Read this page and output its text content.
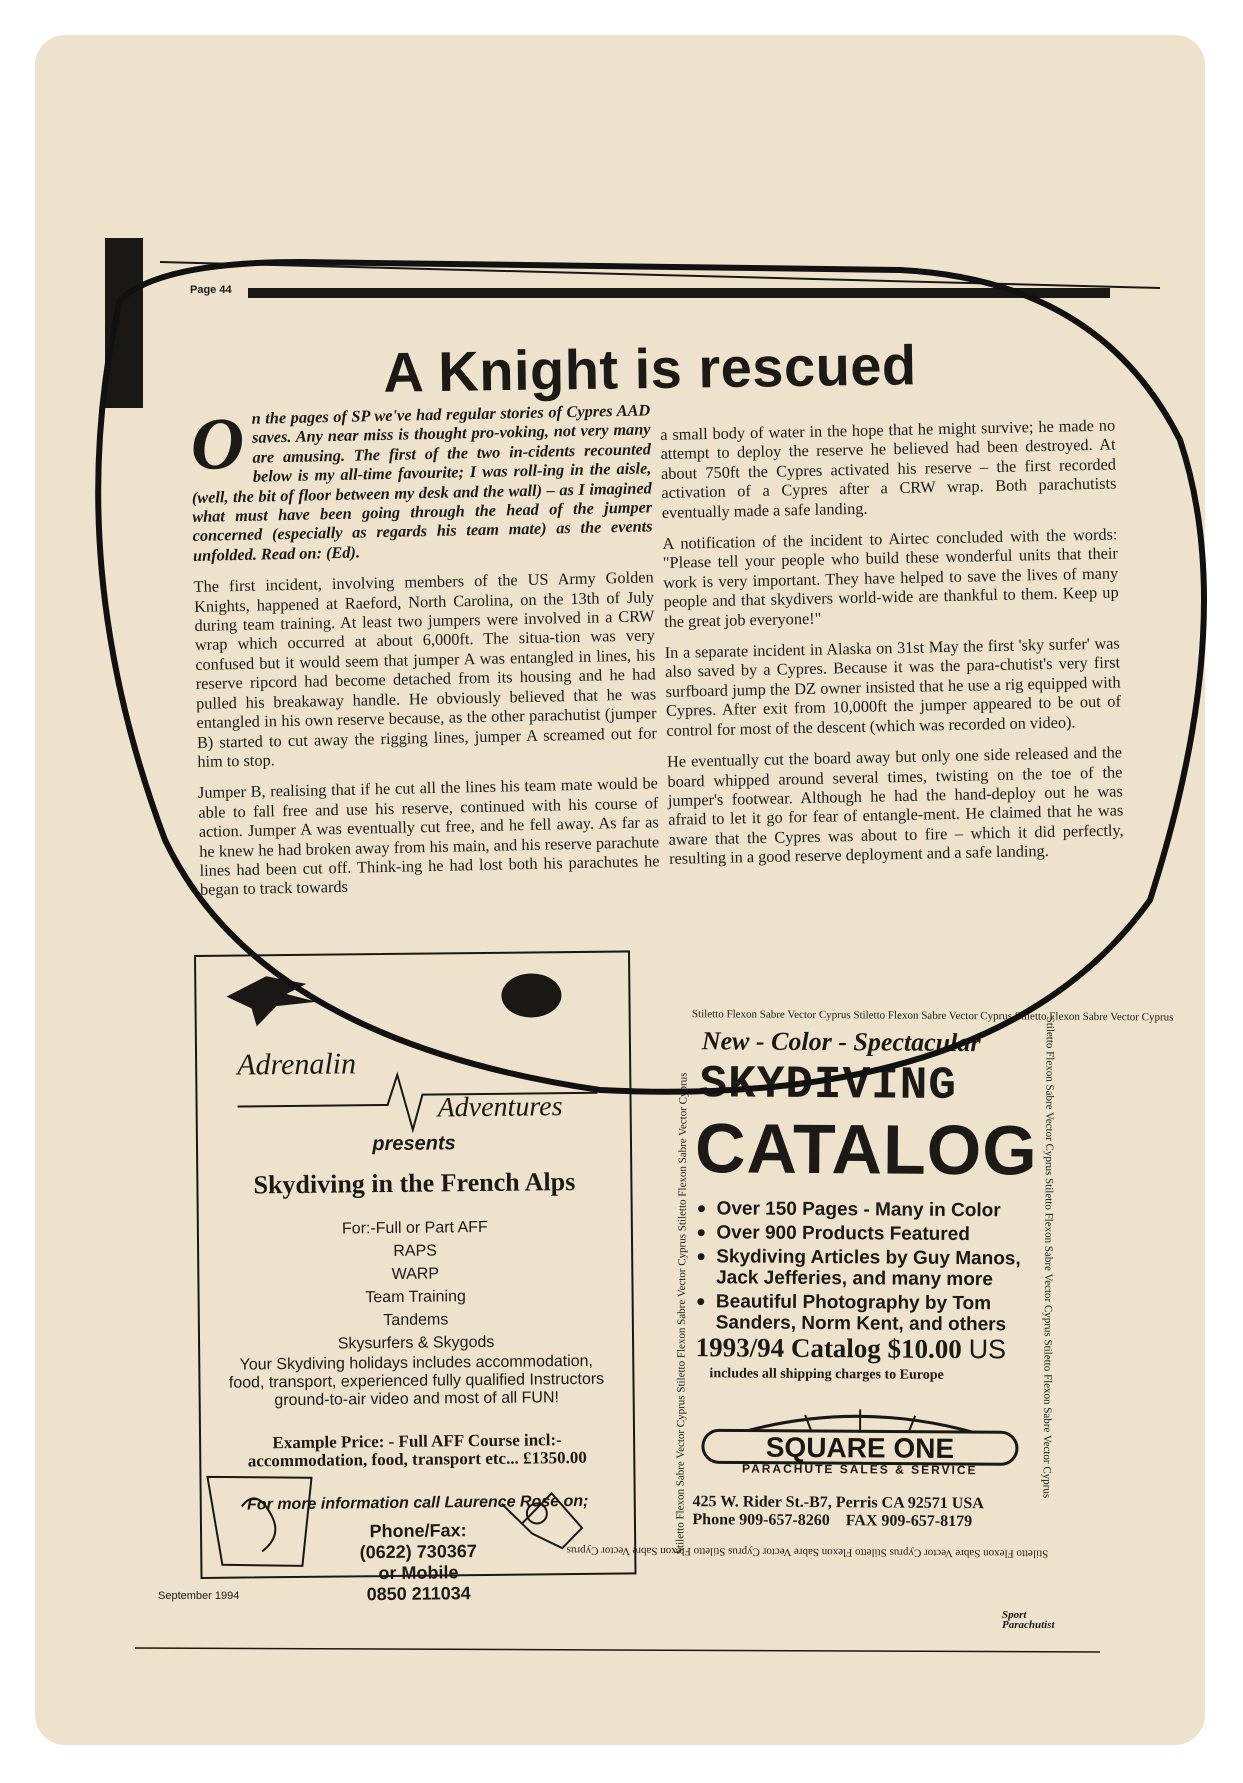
Page 44
A Knight is rescued

On the pages of SP we've had regular stories of Cypres AAD saves. Any near miss is thought pro-voking, not very many are amusing. The first of the two in-cidents recounted below is my all-time favourite; I was roll-ing in the aisle, (well, the bit of floor between my desk and the wall) – as I imagined what must have been going through the head of the jumper concerned (especially as regards his team mate) as the events unfolded. Read on: (Ed).

The first incident, involving members of the US Army Golden Knights, happened at Raeford, North Carolina, on the 13th of July during team training. At least two jumpers were involved in a CRW wrap which occurred at about 6,000ft. The situa-tion was very confused but it would seem that jumper A was entangled in lines, his reserve ripcord had become detached from its housing and he had pulled his breakaway handle. He obviously believed that he was entangled in his own reserve because, as the other parachutist (jumper B) started to cut away the rigging lines, jumper A screamed out for him to stop.

Jumper B, realising that if he cut all the lines his team mate would be able to fall free and use his reserve, continued with his course of action. Jumper A was eventually cut free, and he fell away. As far as he knew he had broken away from his main, and his reserve parachute lines had been cut off. Think-ing he had lost both his parachutes he began to track towards

a small body of water in the hope that he might survive; he made no attempt to deploy the reserve he believed had been destroyed. At about 750ft the Cypres activated his reserve – the first recorded activation of a Cypres after a CRW wrap. Both parachutists eventually made a safe landing.

A notification of the incident to Airtec concluded with the words: "Please tell your people who build these wonderful units that their work is very important. They have helped to save the lives of many people and that skydivers world-wide are thankful to them. Keep up the great job everyone!"

In a separate incident in Alaska on 31st May the first 'sky surfer' was also saved by a Cypres. Because it was the para-chutist's very first surfboard jump the DZ owner insisted that he use a rig equipped with Cypres. After exit from 10,000ft the jumper appeared to be out of control for most of the descent (which was recorded on video).

He eventually cut the board away but only one side released and the board whipped around several times, twisting on the toe of the jumper's footwear. Although he had the hand-deploy out he was afraid to let it go for fear of entangle-ment. He claimed that he was aware that the Cypres was about to fire – which it did perfectly, resulting in a good reserve deployment and a safe landing.

Adrenalin
Adventures
presents
Skydiving in the French Alps
For:-Full or Part AFF
RAPS
WARP
Team Training
Tandems
Skysurfers & Skygods
Your Skydiving holidays includes accommodation, food, transport, experienced fully qualified Instructors ground-to-air video and most of all FUN!
Example Price: - Full AFF Course incl:- accommodation, food, transport etc... £1350.00
For more information call Laurence Rose on;
Phone/Fax:
(0622) 730367
or Mobile
0850 211034
Stiletto Flexon Sabre Vector Cyprus Stiletto Flexon Sabre Vector Cyprus Stiletto Flexon Sabre Vector Cyprus
Stiletto Flexon Sabre Vector Cyprus Stiletto Flexon Sabre Vector Cyprus Stiletto Flexon Sabre Vector Cyprus
Stiletto Flexon Sabre Vector Cyprus Stiletto Flexon Sabre Vector Cyprus Stiletto Flexon Sabre Vector Cyprus	Stiletto Flexon Sabre Vector Cyprus Stiletto Flexon Sabre Vector Cyprus Stiletto Flexon Sabre Vector Cyprus
New - Color - Spectacular
SKYDIVING
CATALOG
● Over 150 Pages - Many in Color
● Over 900 Products Featured
● Skydiving Articles by Guy Manos, Jack Jefferies, and many more
● Beautiful Photography by Tom Sanders, Norm Kent, and others
1993/94 Catalog $10.00 US
includes all shipping charges to Europe
SQUARE ONE
PARACHUTE SALES & SERVICE
425 W. Rider St.-B7, Perris CA 92571 USA
Phone 909-657-8260 FAX 909-657-8179
September 1994
Sport
Parachutist
